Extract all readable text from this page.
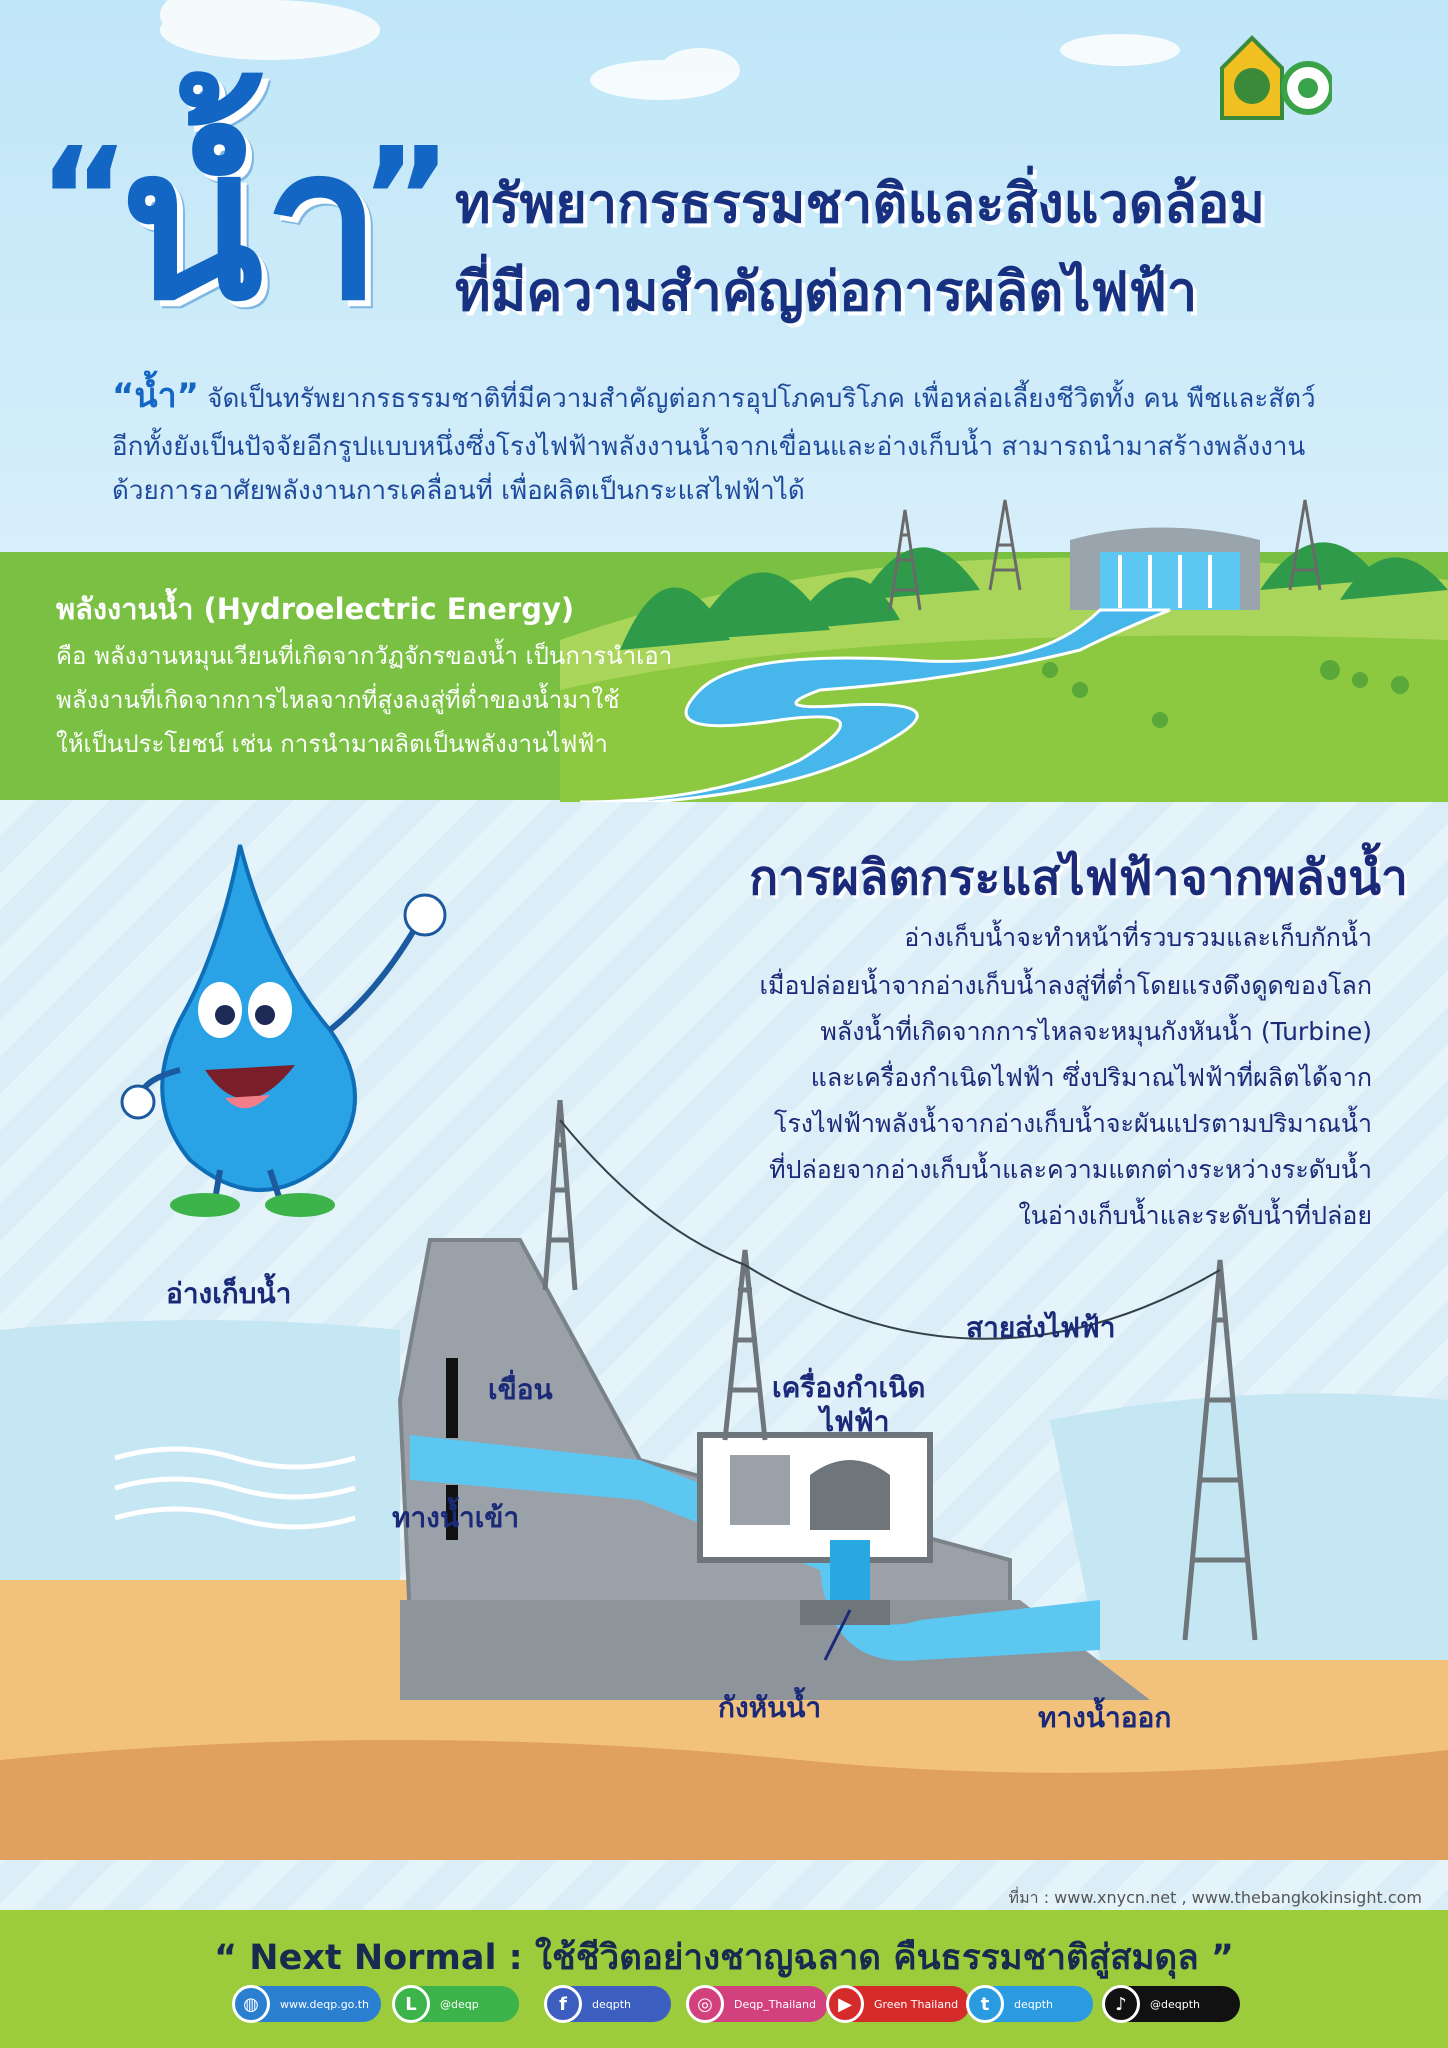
“
น้ำ
” ทรัพยากรธรรมชาติและสิ่งแวดล้อม
ที่มีความสำคัญต่อการผลิตไฟฟ้า
“น้ำ” จัดเป็นทรัพยากรธรรมชาติที่มีความสำคัญต่อการอุปโภคบริโภค เพื่อหล่อเลี้ยงชีวิตทั้ง คน พืชและสัตว์
อีกทั้งยังเป็นปัจจัยอีกรูปแบบหนึ่งซึ่งโรงไฟฟ้าพลังงานน้ำจากเขื่อนและอ่างเก็บน้ำ สามารถนำมาสร้างพลังงาน
ด้วยการอาศัยพลังงานการเคลื่อนที่ เพื่อผลิตเป็นกระแสไฟฟ้าได้
พลังงานน้ำ (Hydroelectric Energy)
คือ พลังงานหมุนเวียนที่เกิดจากวัฏจักรของน้ำ เป็นการนำเอา
พลังงานที่เกิดจากการไหลจากที่สูงลงสู่ที่ต่ำของน้ำมาใช้
ให้เป็นประโยชน์ เช่น การนำมาผลิตเป็นพลังงานไฟฟ้า
การผลิตกระแสไฟฟ้าจากพลังน้ำ
อ่างเก็บน้ำจะทำหน้าที่รวบรวมและเก็บกักน้ำ
เมื่อปล่อยน้ำจากอ่างเก็บน้ำลงสู่ที่ต่ำโดยแรงดึงดูดของโลก
พลังน้ำที่เกิดจากการไหลจะหมุนกังหันน้ำ (Turbine)
และเครื่องกำเนิดไฟฟ้า ซึ่งปริมาณไฟฟ้าที่ผลิตได้จาก
โรงไฟฟ้าพลังน้ำจากอ่างเก็บน้ำจะผันแปรตามปริมาณน้ำ
ที่ปล่อยจากอ่างเก็บน้ำและความแตกต่างระหว่างระดับน้ำ
ในอ่างเก็บน้ำและระดับน้ำที่ปล่อย
อ่างเก็บน้ำ
เขื่อน
ทางน้ำเข้า
เครื่องกำเนิด
ไฟฟ้า
สายส่งไฟฟ้า
กังหันน้ำ	ทางน้ำออก
ที่มา : www.xnycn.net , www.thebangkokinsight.com
“ Next Normal : ใช้ชีวิตอย่างชาญฉลาด คืนธรรมชาติสู่สมดุล ”
◍	www.deqp.go.th	L	@deqp	f	deqpth	◎	Deqp_Thailand	▶	Green Thailand	t	deqpth	♪	@deqpth
